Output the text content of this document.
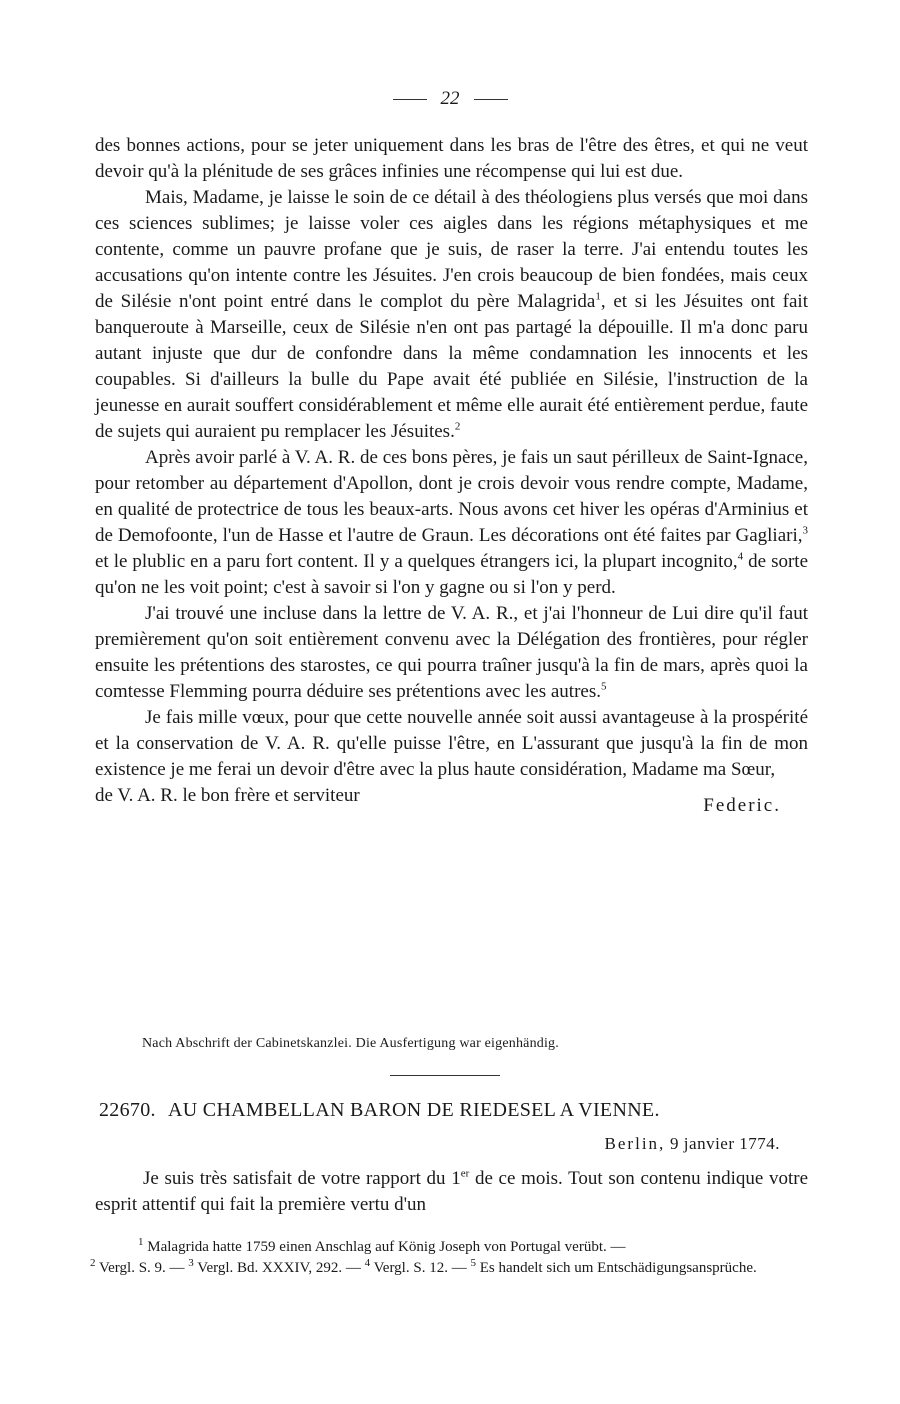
22

des bonnes actions, pour se jeter uniquement dans les bras de l'être des êtres, et qui ne veut devoir qu'à la plénitude de ses grâces infinies une récompense qui lui est due.

Mais, Madame, je laisse le soin de ce détail à des théologiens plus versés que moi dans ces sciences sublimes; je laisse voler ces aigles dans les régions métaphysiques et me contente, comme un pauvre profane que je suis, de raser la terre. J'ai entendu toutes les accusations qu'on intente contre les Jésuites. J'en crois beaucoup de bien fondées, mais ceux de Silésie n'ont point entré dans le complot du père Malagrida$^1$, et si les Jésuites ont fait banqueroute à Marseille, ceux de Silésie n'en ont pas partagé la dépouille. Il m'a donc paru autant injuste que dur de confondre dans la même condamnation les innocents et les coupables. Si d'ailleurs la bulle du Pape avait été publiée en Silésie, l'instruction de la jeunesse en aurait souffert considérablement et même elle aurait été entièrement perdue, faute de sujets qui auraient pu remplacer les Jésuites.$^2$

Après avoir parlé à V. A. R. de ces bons pères, je fais un saut périlleux de Saint-Ignace, pour retomber au département d'Apollon, dont je crois devoir vous rendre compte, Madame, en qualité de protectrice de tous les beaux-arts. Nous avons cet hiver les opéras d'Arminius et de Demofoonte, l'un de Hasse et l'autre de Graun. Les décorations ont été faites par Gagliari,$^3$ et le plublic en a paru fort content. Il y a quelques étrangers ici, la plupart incognito,$^4$ de sorte qu'on ne les voit point; c'est à savoir si l'on y gagne ou si l'on y perd.

J'ai trouvé une incluse dans la lettre de V. A. R., et j'ai l'honneur de Lui dire qu'il faut premièrement qu'on soit entièrement convenu avec la Délégation des frontières, pour régler ensuite les prétentions des starostes, ce qui pourra traîner jusqu'à la fin de mars, après quoi la comtesse Flemming pourra déduire ses prétentions avec les autres.$^5$

Je fais mille vœux, pour que cette nouvelle année soit aussi avantageuse à la prospérité et la conservation de V. A. R. qu'elle puisse l'être, en L'assurant que jusqu'à la fin de mon existence je me ferai un devoir d'être avec la plus haute considération, Madame ma Sœur,

de V. A. R. le bon frère et serviteur	Federic.
Nach Abschrift der Cabinetskanzlei. Die Ausfertigung war eigenhändig.
22670. AU CHAMBELLAN BARON DE RIEDESEL A VIENNE.
Berlin, 9 janvier 1774.

Je suis très satisfait de votre rapport du 1er de ce mois. Tout son contenu indique votre esprit attentif qui fait la première vertu d'un

$^1$ Malagrida hatte 1759 einen Anschlag auf König Joseph von Portugal verübt. —

$^2$ Vergl. S. 9. — $^3$ Vergl. Bd. XXXIV, 292. — $^4$ Vergl. S. 12. — $^5$ Es handelt sich um Entschädigungsansprüche.
